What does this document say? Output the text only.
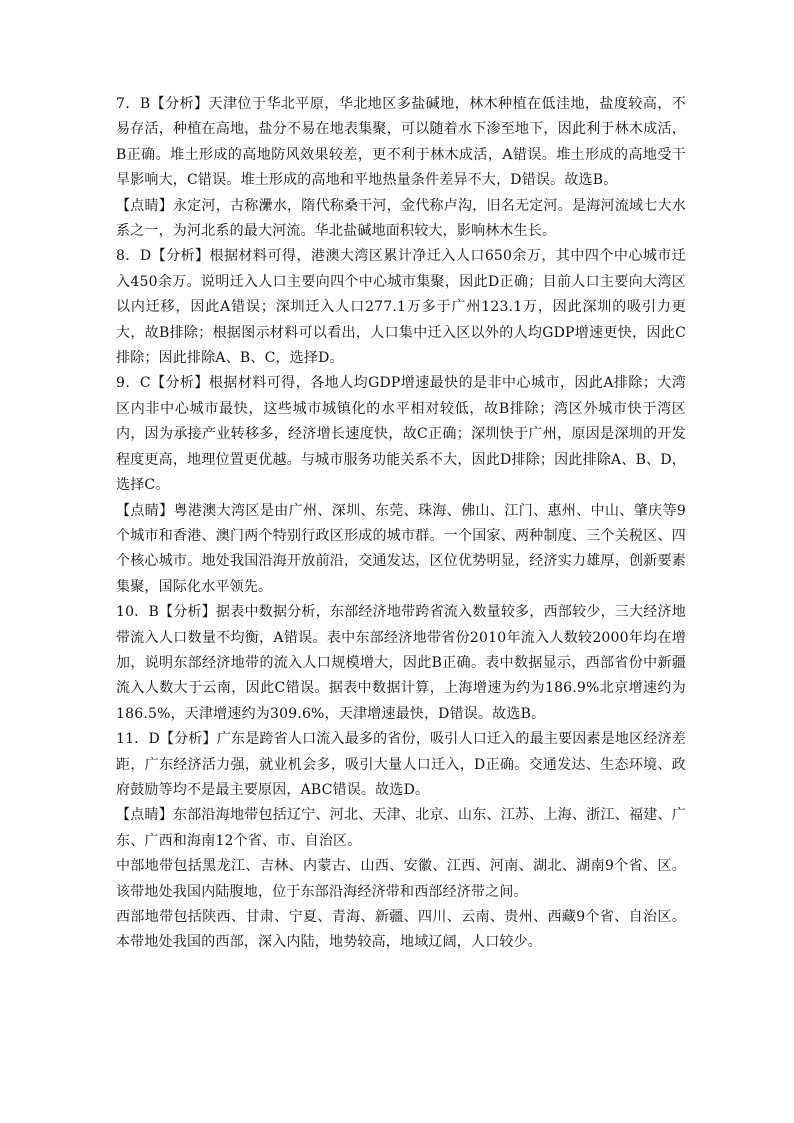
7．B【分析】天津位于华北平原，华北地区多盐碱地，林木种植在低洼地，盐度较高，不易存活，种植在高地，盐分不易在地表集聚，可以随着水下渗至地下，因此利于林木成活，B正确。堆土形成的高地防风效果较差，更不利于林木成活，A错误。堆土形成的高地受干旱影响大，C错误。堆土形成的高地和平地热量条件差异不大，D错误。故选B。

【点睛】永定河，古称㶟水，隋代称桑干河，金代称卢沟，旧名无定河。是海河流域七大水系之一，为河北系的最大河流。华北盐碱地面积较大，影响林木生长。

8．D【分析】根据材料可得，港澳大湾区累计净迁入人口650余万，其中四个中心城市迁入450余万。说明迁入人口主要向四个中心城市集聚，因此D正确；目前人口主要向大湾区以内迁移，因此A错误；深圳迁入人口277.1万多于广州123.1万，因此深圳的吸引力更大，故B排除；根据图示材料可以看出，人口集中迁入区以外的人均GDP增速更快，因此C排除；因此排除A、B、C，选择D。

9．C【分析】根据材料可得，各地人均GDP增速最快的是非中心城市，因此A排除；大湾区内非中心城市最快，这些城市城镇化的水平相对较低，故B排除；湾区外城市快于湾区内，因为承接产业转移多，经济增长速度快，故C正确；深圳快于广州，原因是深圳的开发程度更高，地理位置更优越。与城市服务功能关系不大，因此D排除；因此排除A、B、D，选择C。

【点睛】粤港澳大湾区是由广州、深圳、东莞、珠海、佛山、江门、惠州、中山、肇庆等9个城市和香港、澳门两个特别行政区形成的城市群。一个国家、两种制度、三个关税区、四个核心城市。地处我国沿海开放前沿，交通发达，区位优势明显，经济实力雄厚，创新要素集聚，国际化水平领先。

10．B【分析】据表中数据分析，东部经济地带跨省流入数量较多，西部较少，三大经济地带流入人口数量不均衡，A错误。表中东部经济地带省份2010年流入人数较2000年均在增加，说明东部经济地带的流入人口规模增大，因此B正确。表中数据显示，西部省份中新疆流入人数大于云南，因此C错误。据表中数据计算，上海增速为约为186.9%北京增速约为186.5%，天津增速约为309.6%，天津增速最快，D错误。故选B。

11．D【分析】广东是跨省人口流入最多的省份，吸引人口迁入的最主要因素是地区经济差距，广东经济活力强，就业机会多，吸引大量人口迁入，D正确。交通发达、生态环境、政府鼓励等均不是最主要原因，ABC错误。故选D。

【点睛】东部沿海地带包括辽宁、河北、天津、北京、山东、江苏、上海、浙江、福建、广东、广西和海南12个省、市、自治区。

中部地带包括黑龙江、吉林、内蒙古、山西、安徽、江西、河南、湖北、湖南9个省、区。该带地处我国内陆腹地，位于东部沿海经济带和西部经济带之间。

西部地带包括陕西、甘肃、宁夏、青海、新疆、四川、云南、贵州、西藏9个省、自治区。本带地处我国的西部，深入内陆，地势较高，地域辽阔，人口较少。
